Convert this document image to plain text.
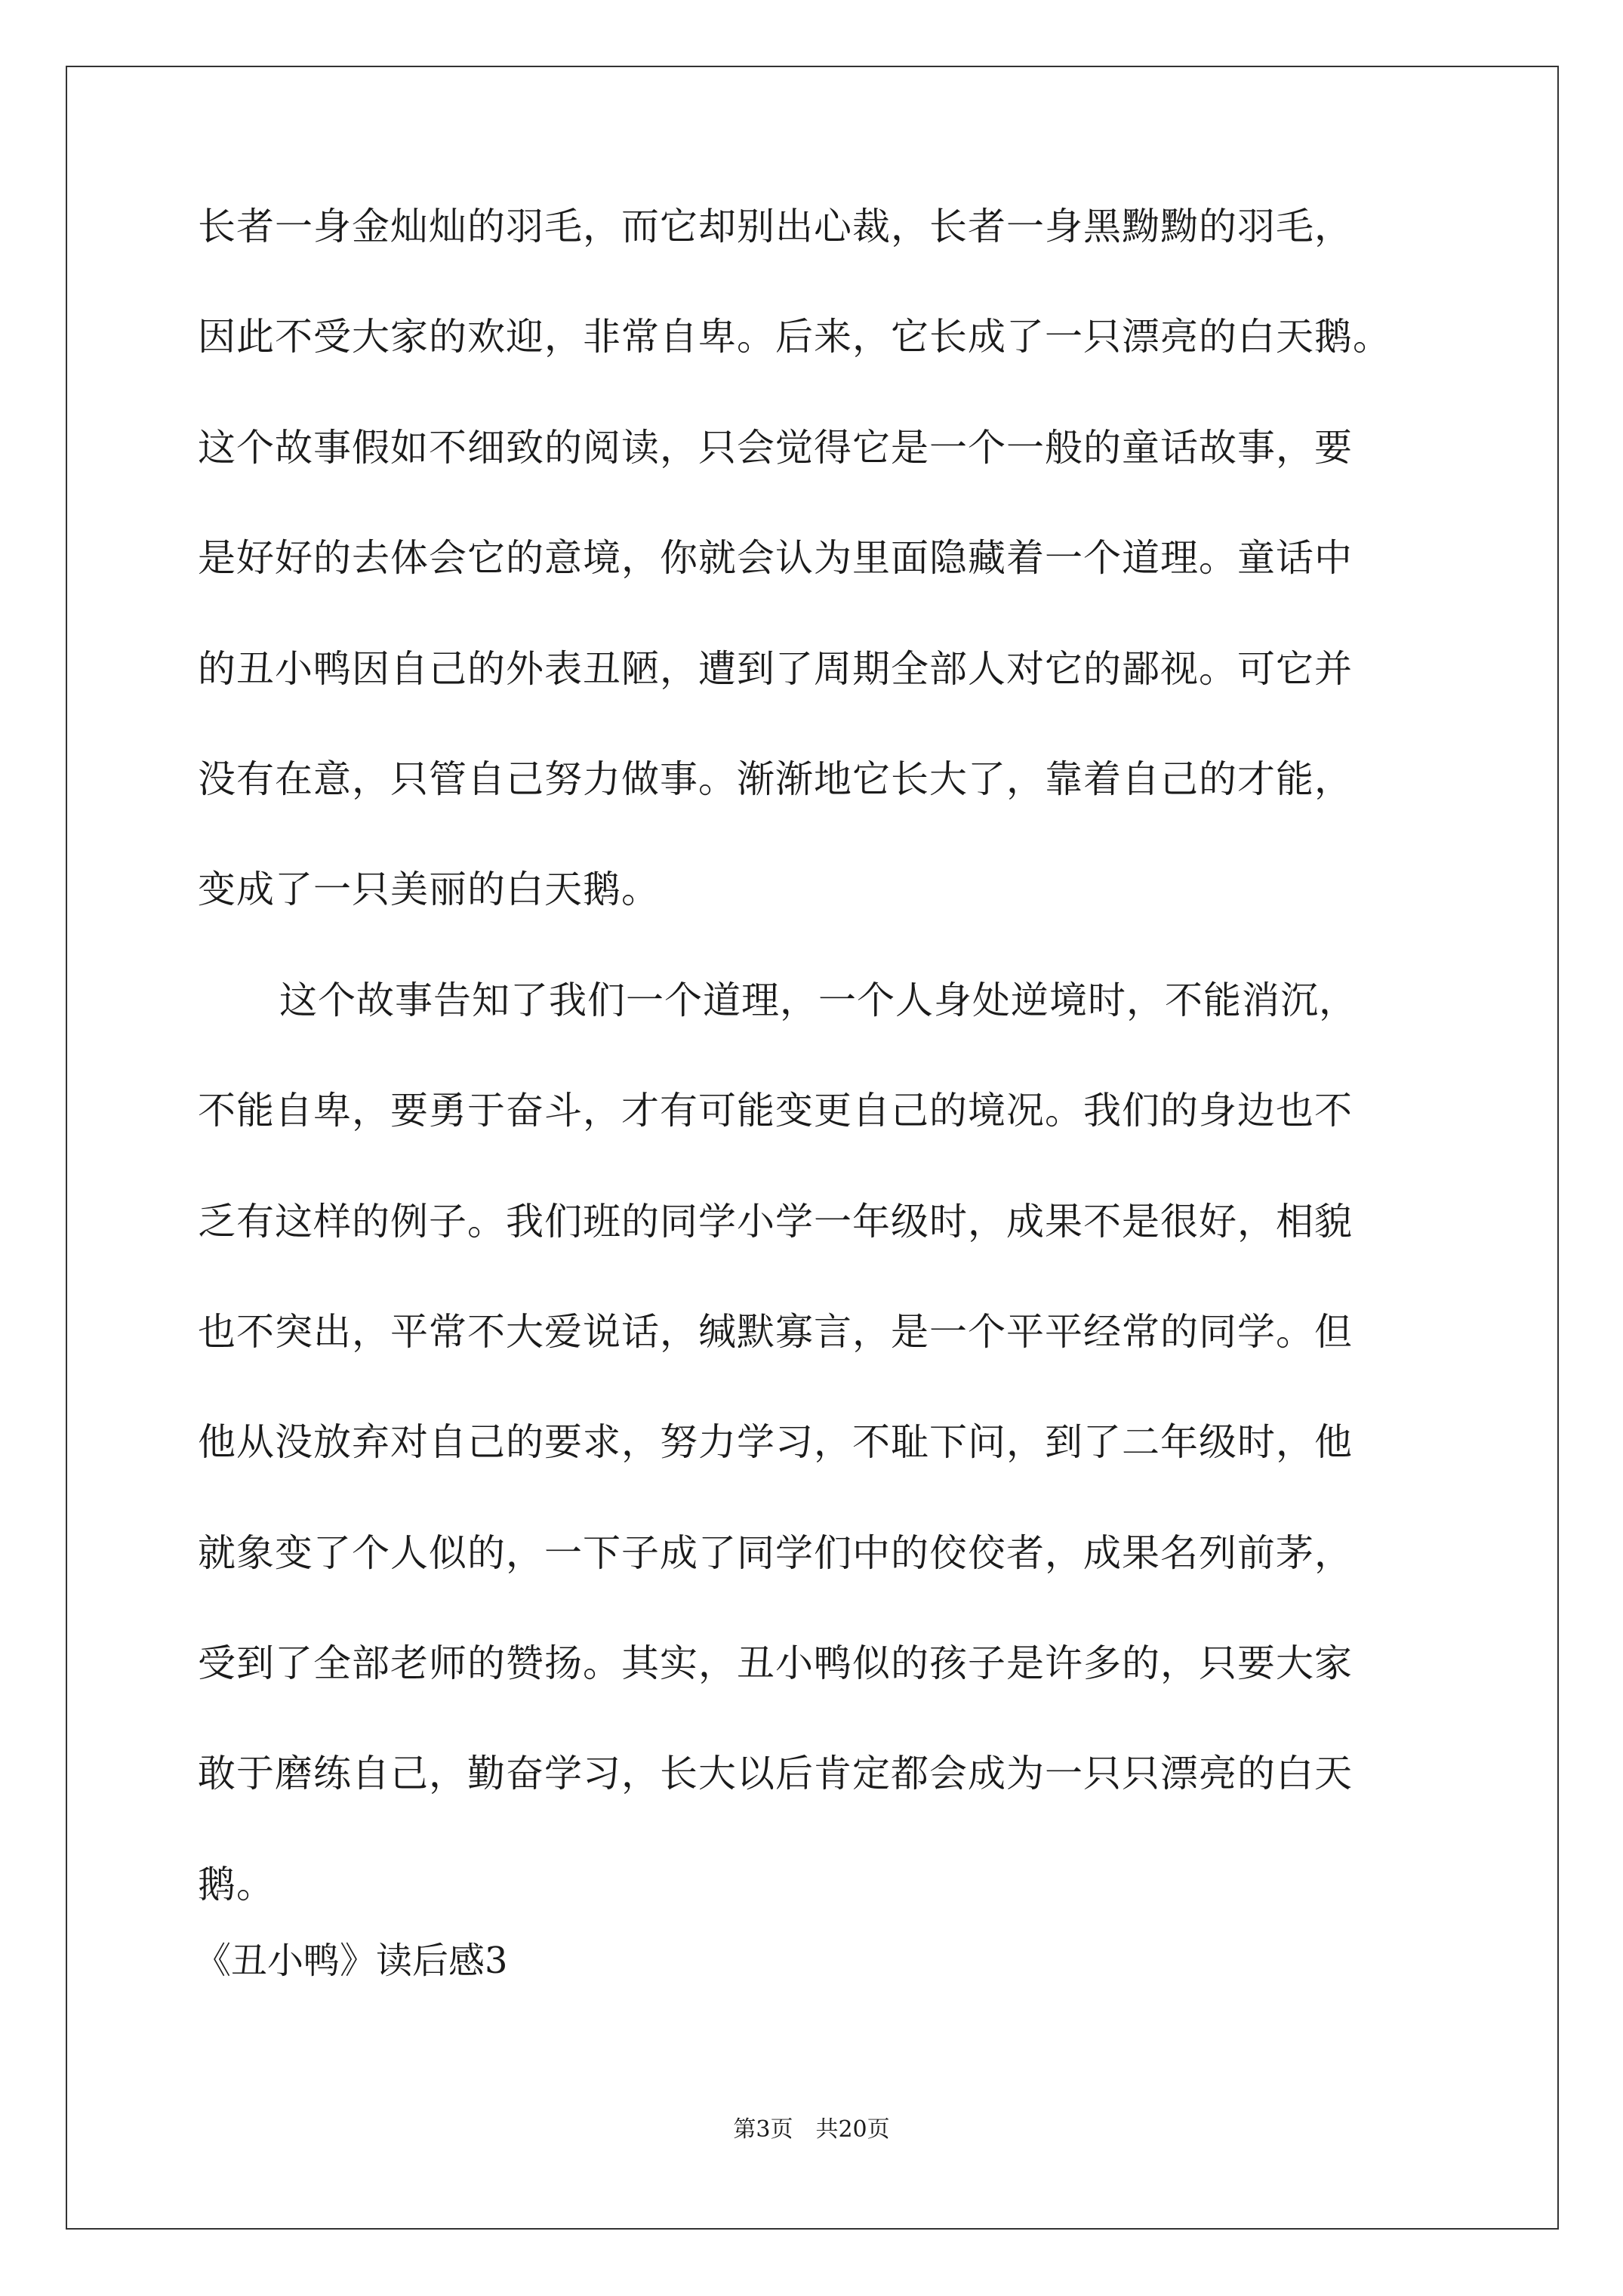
长者一身金灿灿的羽毛，而它却别出心裁，长者一身黑黝黝的羽毛，

因此不受大家的欢迎，非常自卑。后来，它长成了一只漂亮的白天鹅。

这个故事假如不细致的阅读，只会觉得它是一个一般的童话故事，要

是好好的去体会它的意境，你就会认为里面隐藏着一个道理。童话中

的丑小鸭因自己的外表丑陋，遭到了周期全部人对它的鄙视。可它并

没有在意，只管自己努力做事。渐渐地它长大了，靠着自己的才能，

变成了一只美丽的白天鹅。

这个故事告知了我们一个道理，一个人身处逆境时，不能消沉，

不能自卑，要勇于奋斗，才有可能变更自己的境况。我们的身边也不

乏有这样的例子。我们班的同学小学一年级时，成果不是很好，相貌

也不突出，平常不大爱说话，缄默寡言，是一个平平经常的同学。但

他从没放弃对自己的要求，努力学习，不耻下问，到了二年级时，他

就象变了个人似的，一下子成了同学们中的佼佼者，成果名列前茅，

受到了全部老师的赞扬。其实，丑小鸭似的孩子是许多的，只要大家

敢于磨练自己，勤奋学习，长大以后肯定都会成为一只只漂亮的白天

鹅。

《丑小鸭》读后感3
第3页　共20页
